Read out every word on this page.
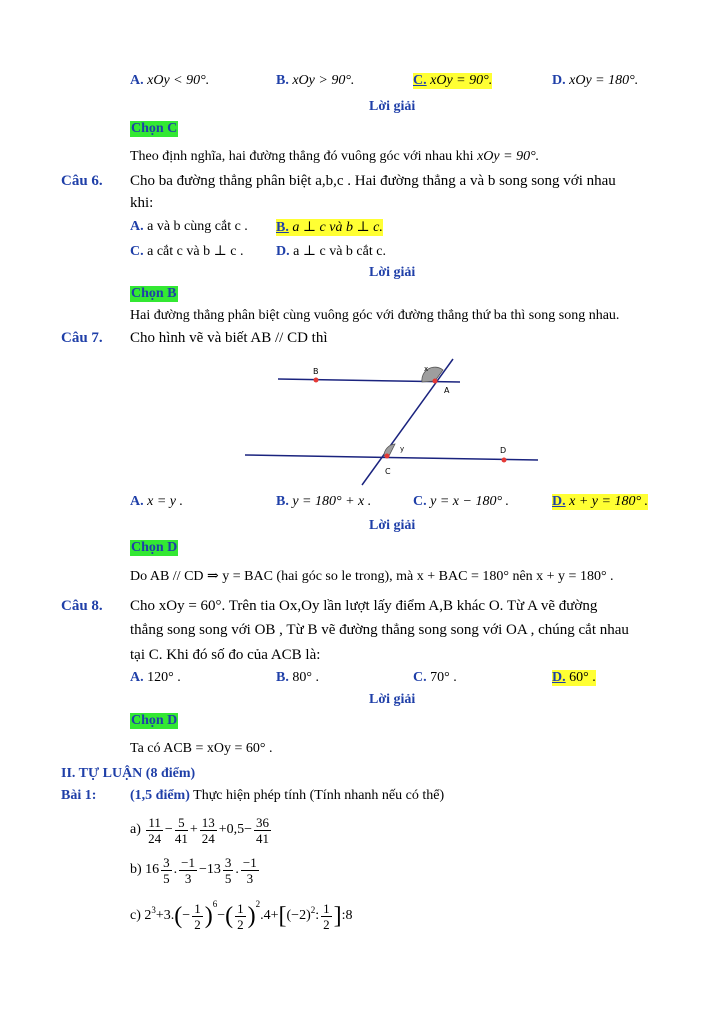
A. xOy < 90°.	B. xOy > 90°.	C. xOy = 90°.	D. xOy = 180°.
Lời giải
Chọn C
Theo định nghĩa, hai đường thẳng đó vuông góc với nhau khi xOy = 90°.
Câu 6. Cho ba đường thẳng phân biệt a,b,c . Hai đường thẳng a và b song song với nhau
khi:
A. a và b cùng cắt c . B. a ⊥ c và b ⊥ c.
C. a cắt c và b ⊥ c . D. a ⊥ c và b cắt c.
Lời giải
Chọn B
Hai đường thẳng phân biệt cùng vuông góc với đường thẳng thứ ba thì song song nhau.
Câu 7. Cho hình vẽ và biết AB // CD thì
B
A
x
y
C
D
A. x = y .	B. y = 180° + x .	C. y = x − 180° .	D. x + y = 180° .
Lời giải
Chọn D
Do AB // CD ⇒ y = BAC (hai góc so le trong), mà x + BAC = 180° nên x + y = 180° .
Câu 8. Cho xOy = 60°. Trên tia Ox,Oy lần lượt lấy điểm A,B khác O. Từ A vẽ đường
thẳng song song với OB , Từ B vẽ đường thẳng song song với OA , chúng cắt nhau
tại C. Khi đó số đo của ACB là:
A. 120° .	B. 80° .	C. 70° .	D. 60° .
Lời giải
Chọn D
Ta có ACB = xOy = 60° .
II. TỰ LUẬN (8 điểm)
Bài 1: (1,5 điểm) Thực hiện phép tính (Tính nhanh nếu có thể)
a)
$\frac{11}{24} - \frac{5}{41} + \frac{13}{24} +0,5- \frac{36}{41}$
b) $16 \frac{3}{5}$ . $\frac{-1}{3} -13 \frac{3}{5}$ . $\frac{-1}{3}$
c) $2^3 +3$. ( − $\frac{1}{2} )^6$
− ( $\frac{1}{2} )^2$
.4+ [ $(-2)^2$ : $\frac{1}{2}$ ] :8
